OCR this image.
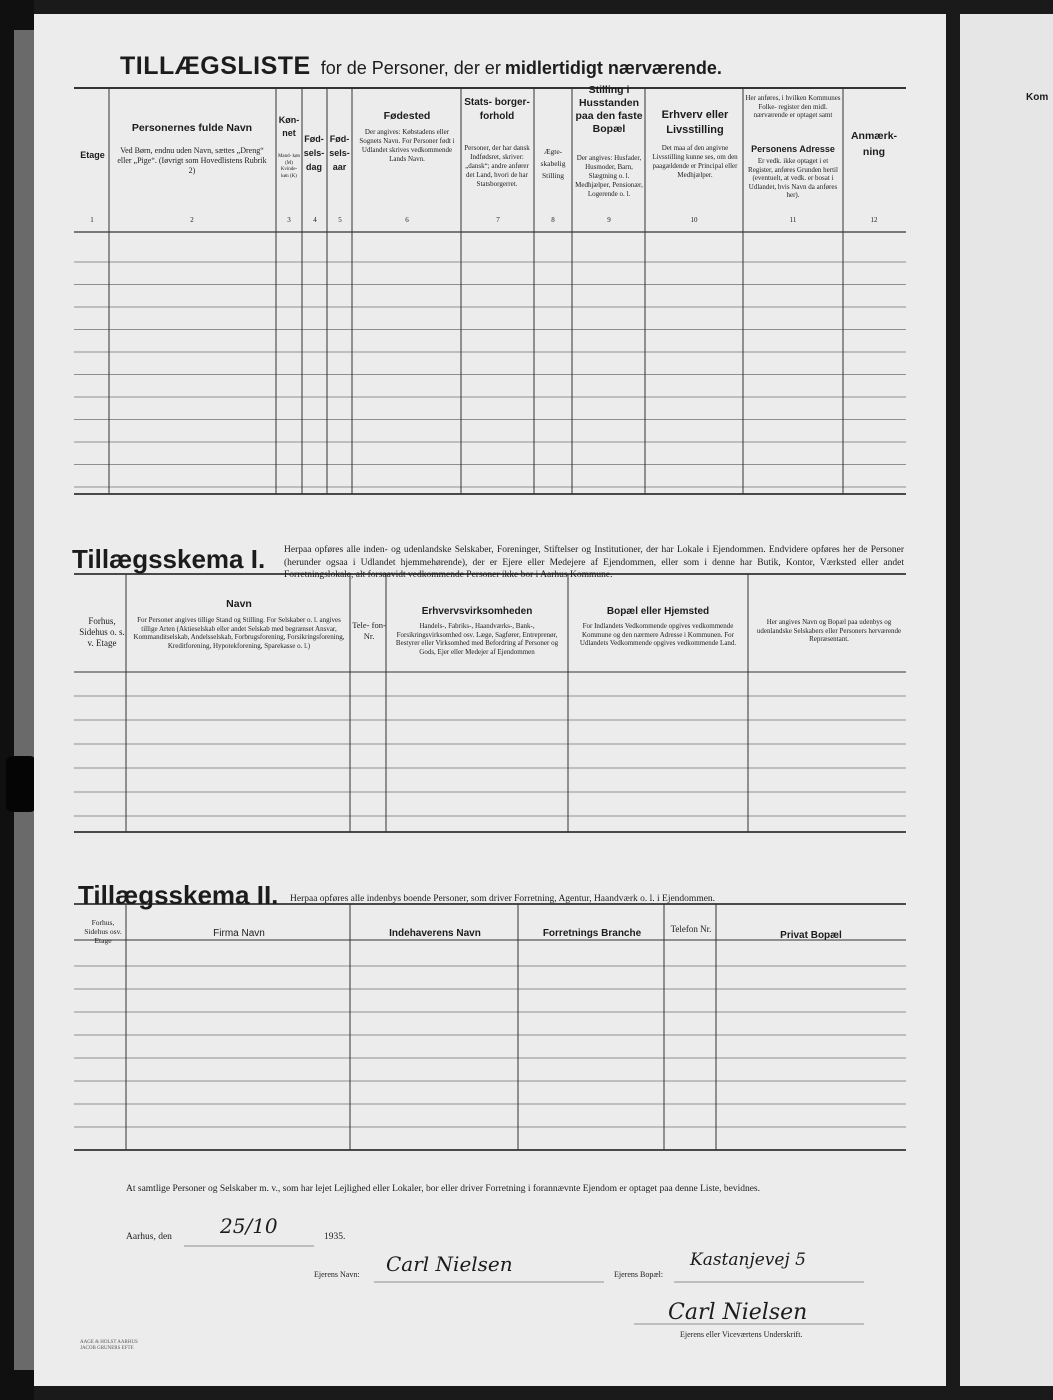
Kom
TILLÆGSLISTE for de Personer, der er midlertidigt nærværende.
Etage
Personernes fulde Navn
Ved Børn, endnu uden Navn, sættes „Dreng“ eller „Pige“. (Iøvrigt som Hovedlistens Rubrik 2)
Køn- net
Mand- køn (M) Kvinde- køn (K)
Fød- sels- dag
Fød- sels- aar
Fødested
Der angives: Købstadens eller Sognets Navn. For Personer født i Udlandet skrives vedkommende Lands Navn.
Stats- borger- forhold
Personer, der har dansk Indfødsret, skriver: „dansk“; andre anfører det Land, hvori de har Statsborgerret.
Ægte- skabelig Stilling
Stilling i Husstanden paa den faste Bopæl
Der angives: Husfader, Husmoder, Barn, Slægtning o. l. Medhjælper, Pensionær, Logerende o. l.
Erhverv eller Livsstilling
Det maa af den angivne Livsstilling kunne ses, om den paagældende er Principal eller Medhjælper.
Her anføres, i hvilken Kommunes Folke- register den midl. nærværende er optaget samt
Personens Adresse
Er vedk. ikke optaget i et Register, anføres Grunden hertil (eventuelt, at vedk. er bosat i Udlandet, hvis Navn da anføres her).
Anmærk- ning
1	2	3	4	5	6	7	8	9	10	11	12
Tillægsskema I. Herpaa opføres alle inden- og udenlandske Selskaber, Foreninger, Stiftelser og Institutioner, der har Lokale i Ejendommen. Endvidere opføres her de Personer (herunder ogsaa i Udlandet hjemmehørende), der er Ejere eller Medejere af Ejendommen, eller som i denne har Butik, Kontor, Værksted eller andet Forretningslokale, alt forsaavidt vedkommende Personer ikke bor i Aarhus Kommune.
Forhus, Sidehus o. s. v. Etage
Navn
For Personer angives tillige Stand og Stilling. For Selskaber o. l. angives tillige Arten (Aktieselskab eller andet Selskab med begrænset Ansvar, Kommanditselskab, Andelsselskab, Forbrugsforening, Forsikringsforening, Kreditforening, Hypotekforening, Sparekasse o. l.)
Tele- fon- Nr.
Erhvervsvirksomheden
Handels-, Fabriks-, Haandværks-, Bank-, Forsikringsvirksomhed osv. Læge, Sagfører, Entreprenør, Bestyrer eller Virksomhed med Befordring af Personer og Gods, Ejer eller Medejer af Ejendommen
Bopæl eller Hjemsted
For Indlandets Vedkommende opgives vedkommende Kommune og den nærmere Adresse i Kommunen. For Udlandets Vedkommende opgives vedkommende Land.
Her angives Navn og Bopæl paa udenbys og udenlandske Selskabers eller Personers herværende Repræsentant.
Tillægsskema II. Herpaa opføres alle indenbys boende Personer, som driver Forretning, Agentur, Haandværk o. l. i Ejendommen.
Forhus, Sidehus osv. Etage
Firma Navn	Indehaverens Navn	Forretnings Branche	Telefon Nr.
Privat Bopæl
At samtlige Personer og Selskaber m. v., som har lejet Lejlighed eller Lokaler, bor eller driver Forretning i forannævnte Ejendom er optaget paa denne Liste, bevidnes.
Aarhus, den 25/10	1935.
Ejerens Navn: Carl Nielsen	Ejerens Bopæl:
Kastanjevej 5
Carl Nielsen
Ejerens eller Viceværtens Underskrift.
AAGE & HOLST AARHUS JACOB GRUNERS EFTF.
